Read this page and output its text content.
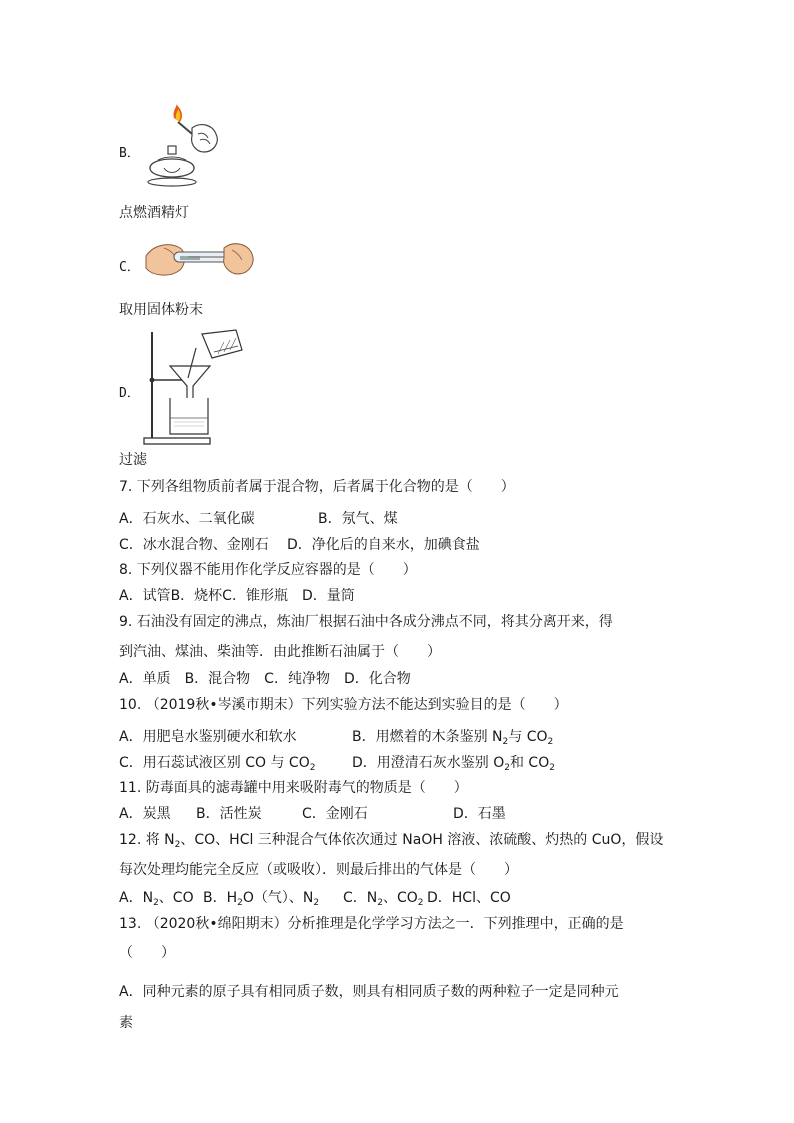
B．
点燃酒精灯
C．
取用固体粉末
D．
过滤
7. 下列各组物质前者属于混合物，后者属于化合物的是（　　）
A．石灰水、二氧化碳	B．氖气、煤
C．冰水混合物、金刚石 D．净化后的自来水，加碘食盐
8. 下列仪器不能用作化学反应容器的是（　　）
A．试管B．烧杯C．锥形瓶　D．量筒
9. 石油没有固定的沸点，炼油厂根据石油中各成分沸点不同，将其分离开来，得
到汽油、煤油、柴油等．由此推断石油属于（　　）
A．单质　B．混合物　C．纯净物　D．化合物
10. （2019秋•岑溪市期末）下列实验方法不能达到实验目的是（　　）
A．用肥皂水鉴别硬水和软水	B．用燃着的木条鉴别 $N_2$与 $CO_2$
C．用石蕊试液区别 CO 与 $CO_2$	D．用澄清石灰水鉴别 $O_2$和 $CO_2$
11. 防毒面具的滤毒罐中用来吸附毒气的物质是（　　）
A．炭黑 B．活性炭	C．金刚石	D．石墨
12. 将 $N_2$、CO、HCl 三种混合气体依次通过 NaOH 溶液、浓硫酸、灼热的 CuO，假设
每次处理均能完全反应（或吸收）．则最后排出的气体是（　　）
A．$N_2$、CO B．$H_2O$（气）、$N_2$ C．$N_2$、$CO_2$ D．HCl、CO
13. （2020秋•绵阳期末）分析推理是化学学习方法之一．下列推理中，正确的是
（　　）
A．同种元素的原子具有相同质子数，则具有相同质子数的两种粒子一定是同种元
素
